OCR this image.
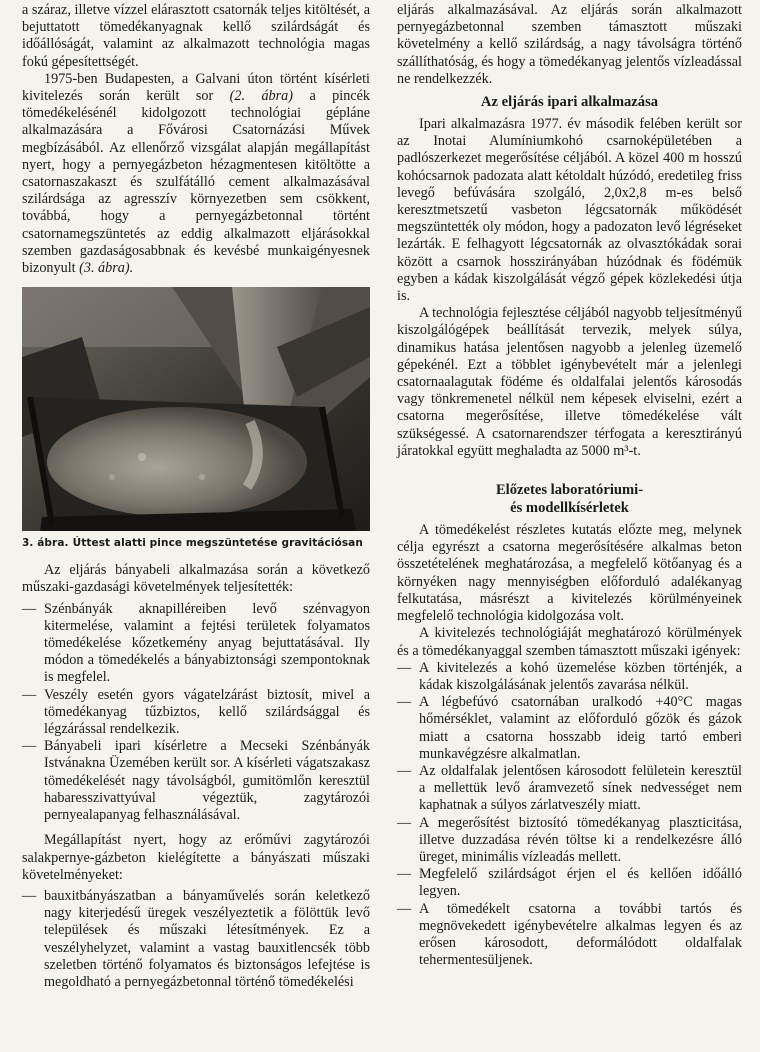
a száraz, illetve vízzel elárasztott csatornák teljes kitöltését, a bejuttatott tömedékanyagnak kellő szilárdságát és időállóságát, valamint az alkalmazott technológia magas fokú gépesítettségét.

1975-ben Budapesten, a Galvani úton történt kísérleti kivitelezés során került sor (2. ábra) a pincék tömedékelésénél kidolgozott technológiai gépláne alkalmazására a Fővárosi Csatornázási Művek megbízásából. Az ellenőrző vizsgálat alapján megállapítást nyert, hogy a pernyegázbeton hézagmentesen kitöltötte a csatornaszakaszt és szulfátálló cement alkalmazásával szilárdsága az agresszív környezetben sem csökkent, továbbá, hogy a pernyegázbetonnal történt csatornamegszüntetés az eddig alkalmazott eljárásokkal szemben gazdaságosabbnak és kevésbé munkaigényesnek bizonyult (3. ábra).

3. ábra. Úttest alatti pince megszüntetése gravitációsan

Az eljárás bányabeli alkalmazása során a következő műszaki-gazdasági követelmények teljesítették:

— Szénbányák aknapilléreiben levő szénvagyon kitermelése, valamint a fejtési területek folyamatos tömedékelése kőzetkemény anyag bejuttatásával. Ily módon a tömedékelés a bányabiztonsági szempontoknak is megfelel.
— Veszély esetén gyors vágatelzárást biztosít, mivel a tömedékanyag tűzbiztos, kellő szilárdsággal és légzárással rendelkezik.
— Bányabeli ipari kísérletre a Mecseki Szénbányák Istvánakna Üzemében került sor. A kísérleti vágatszakasz tömedékelését nagy távolságból, gumitömlőn keresztül habaresszivattyúval végeztük, zagytározói pernyealapanyag felhasználásával.

Megállapítást nyert, hogy az erőművi zagytározói salakpernye-gázbeton kielégítette a bányászati műszaki követelményeket:

— bauxitbányászatban a bányaművelés során keletkező nagy kiterjedésű üregek veszélyeztetik a fölöttük levő települések és műszaki létesítmények. Ez a veszélyhelyzet, valamint a vastag bauxitlencsék több szeletben történő folyamatos és biztonságos lefejtése is megoldható a pernyegázbetonnal történő tömedékelési

eljárás alkalmazásával. Az eljárás során alkalmazott pernyegázbetonnal szemben támasztott műszaki követelmény a kellő szilárdság, a nagy távolságra történő szállíthatóság, és hogy a tömedékanyag jelentős vízleadással ne rendelkezzék.

Az eljárás ipari alkalmazása

Ipari alkalmazásra 1977. év második felében került sor az Inotai Alumíniumkohó csarnoképületében a padlószerkezet megerősítése céljából. A közel 400 m hosszú kohócsarnok padozata alatt kétoldalt húzódó, eredetileg friss levegő befúvására szolgáló, 2,0x2,8 m-es belső keresztmetszetű vasbeton légcsatornák működését megszüntették oly módon, hogy a padozaton levő légréseket lezárták. E felhagyott légcsatornák az olvasztókádak sorai között a csarnok hosszirányában húzódnak és födémük egyben a kádak kiszolgálását végző gépek közlekedési útja is.

A technológia fejlesztése céljából nagyobb teljesítményű kiszolgálógépek beállítását tervezik, melyek súlya, dinamikus hatása jelentősen nagyobb a jelenleg üzemelő gépekénél. Ezt a többlet igénybevételt már a jelenlegi csatornaalagutak födéme és oldalfalai jelentős károsodás vagy tönkremenetel nélkül nem képesek elviselni, ezért a csatorna megerősítése, illetve tömedékelése vált szükségessé. A csatornarendszer térfogata a keresztirányú járatokkal együtt meghaladta az 5000 m³-t.

Előzetes laboratóriumi-
és modellkísérletek

A tömedékelést részletes kutatás előzte meg, melynek célja egyrészt a csatorna megerősítésére alkalmas beton összetételének meghatározása, a megfelelő kötőanyag és a környéken nagy mennyiségben előforduló adalékanyag felkutatása, másrészt a kivitelezés körülményeinek megfelelő technológia kidolgozása volt.

A kivitelezés technológiáját meghatározó körülmények és a tömedékanyaggal szemben támasztott műszaki igények:

— A kivitelezés a kohó üzemelése közben történjék, a kádak kiszolgálásának jelentős zavarása nélkül.
— A légbefúvó csatornában uralkodó +40°C magas hőmérséklet, valamint az előforduló gőzök és gázok miatt a csatorna hosszabb ideig tartó emberi munkavégzésre alkalmatlan.
— Az oldalfalak jelentősen károsodott felületein keresztül a mellettük levő áramvezető sínek nedvességet nem kaphatnak a súlyos zárlatveszély miatt.
— A megerősítést biztosító tömedékanyag plaszticitása, illetve duzzadása révén töltse ki a rendelkezésre álló üreget, minimális vízleadás mellett.
— Megfelelő szilárdságot érjen el és kellően időálló legyen.
— A tömedékelt csatorna a további tartós és megnövekedett igénybevételre alkalmas legyen és az erősen károsodott, deformálódott oldalfalak tehermentesüljenek.
